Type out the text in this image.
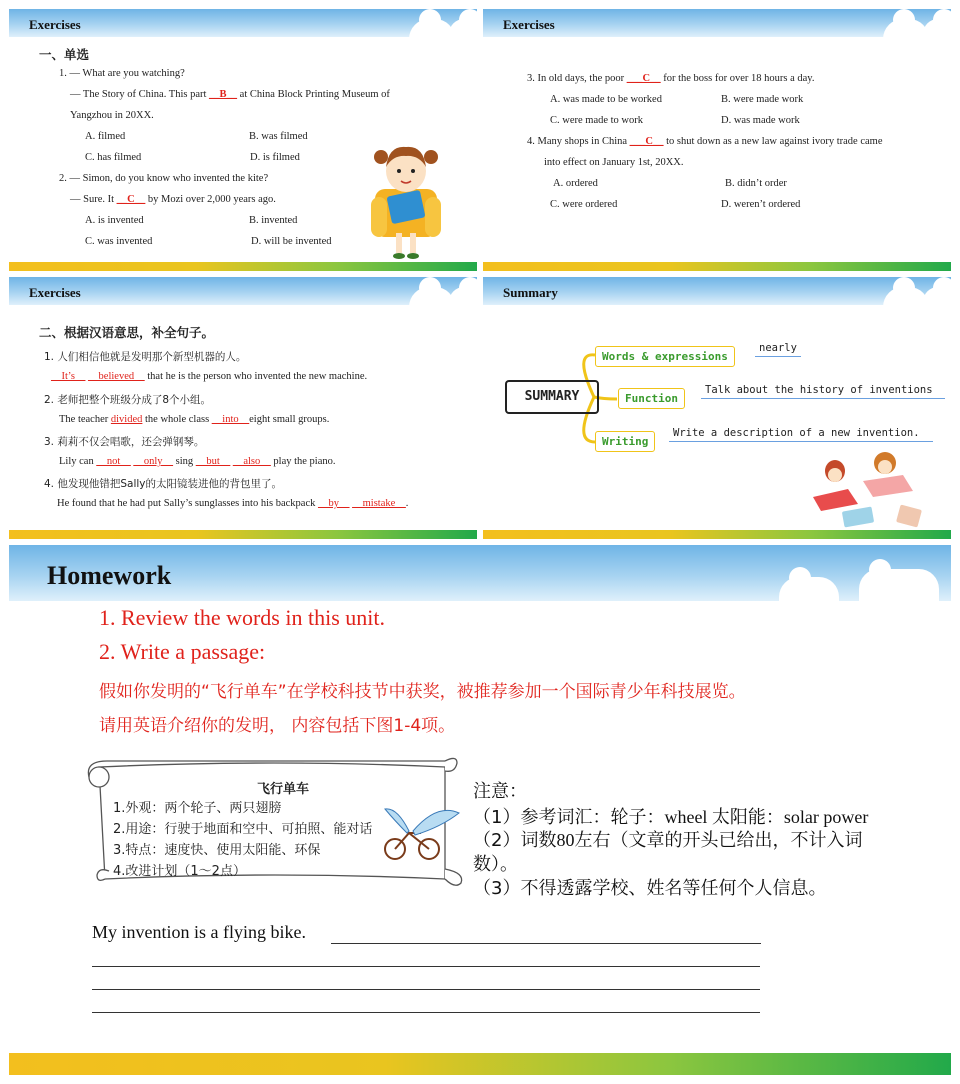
Exercises
一、单选
1. — What are you watching?
— The Story of China. This part __B__ at China Block Printing Museum of
Yangzhou in 20XX.
A. filmed	B. was filmed
C. has filmed	D. is filmed
2. — Simon, do you know who invented the kite?
— Sure. It __C__ by Mozi over 2,000 years ago.
A. is invented	B. invented
C. was invented	D. will be invented
Exercises
3. In old days, the poor ___C__ for the boss for over 18 hours a day.
A. was made to be worked	B. were made work
C. were made to work	D. was made work
4. Many shops in China ___C__ to shut down as a new law against ivory trade came
into effect on January 1st, 20XX.
A. ordered	B. didn’t order
C. were ordered	D. weren’t ordered
Exercises
二、根据汉语意思，补全句子。
1. 人们相信他就是发明那个新型机器的人。
__It’s__ __believed__ that he is the person who invented the new machine.
2. 老师把整个班级分成了8个小组。
The teacher divided the whole class __into__eight small groups.
3. 莉莉不仅会唱歌，还会弹钢琴。
Lily can __not__ __only__ sing __but__ __also__ play the piano.
4. 他发现他错把Sally的太阳镜装进他的背包里了。
He found that he had put Sally’s sunglasses into his backpack __by__ __mistake__.
Summary
SUMMARY
Words & expressions
nearly
Function
Talk about the history of inventions
Writing
Write a description of a new invention.
Homework
1. Review the words in this unit.
2. Write a passage:
假如你发明的“飞行单车”在学校科技节中获奖，被推荐参加一个国际青少年科技展览。
请用英语介绍你的发明， 内容包括下图1-4项。
飞行单车
1.外观：两个轮子、两只翅膀
2.用途：行驶于地面和空中、可拍照、能对话
3.特点：速度快、使用太阳能、环保
4.改进计划（1～2点）
注意：
（1）参考词汇：轮子：wheel 太阳能：solar power
（2）词数80左右（文章的开头已给出，不计入词
数）。
（3）不得透露学校、姓名等任何个人信息。
My invention is a flying bike.
